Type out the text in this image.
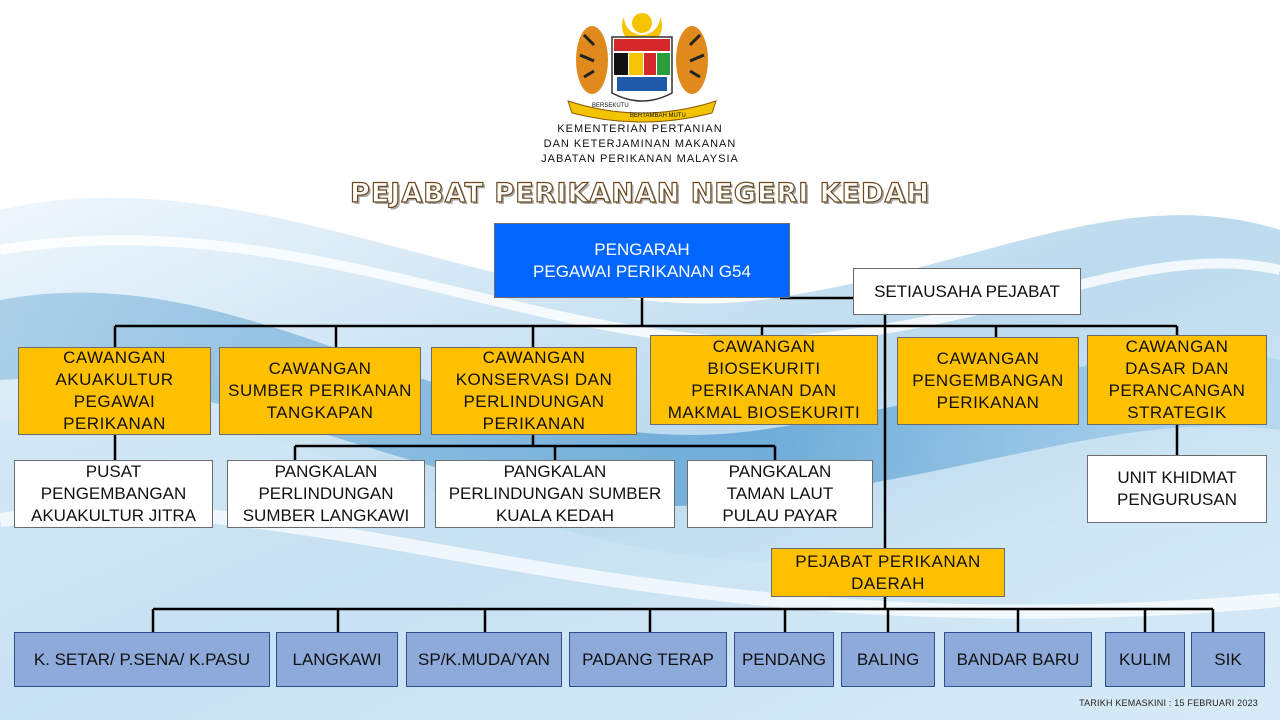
BERSEKUTU
BERTAMBAH MUTU
KEMENTERIAN PERTANIAN
DAN KETERJAMINAN MAKANAN
JABATAN PERIKANAN MALAYSIA
PEJABAT PERIKANAN NEGERI KEDAH
PENGARAH
PEGAWAI PERIKANAN G54
SETIAUSAHA PEJABAT
CAWANGAN
AKUAKULTUR
PEGAWAI
PERIKANAN
CAWANGAN
SUMBER PERIKANAN
TANGKAPAN
CAWANGAN
KONSERVASI DAN
PERLINDUNGAN
PERIKANAN
CAWANGAN
BIOSEKURITI
PERIKANAN DAN
MAKMAL BIOSEKURITI
CAWANGAN
PENGEMBANGAN
PERIKANAN
CAWANGAN
DASAR DAN
PERANCANGAN
STRATEGIK
PUSAT
PENGEMBANGAN
AKUAKULTUR JITRA
PANGKALAN
PERLINDUNGAN
SUMBER LANGKAWI
PANGKALAN
PERLINDUNGAN SUMBER
KUALA KEDAH
PANGKALAN
TAMAN LAUT
PULAU PAYAR
UNIT KHIDMAT
PENGURUSAN
PEJABAT PERIKANAN
DAERAH
K. SETAR/ P.SENA/ K.PASU	LANGKAWI	SP/K.MUDA/YAN	PADANG TERAP	PENDANG	BALING	BANDAR BARU	KULIM	SIK
TARIKH KEMASKINI : 15 FEBRUARI 2023
